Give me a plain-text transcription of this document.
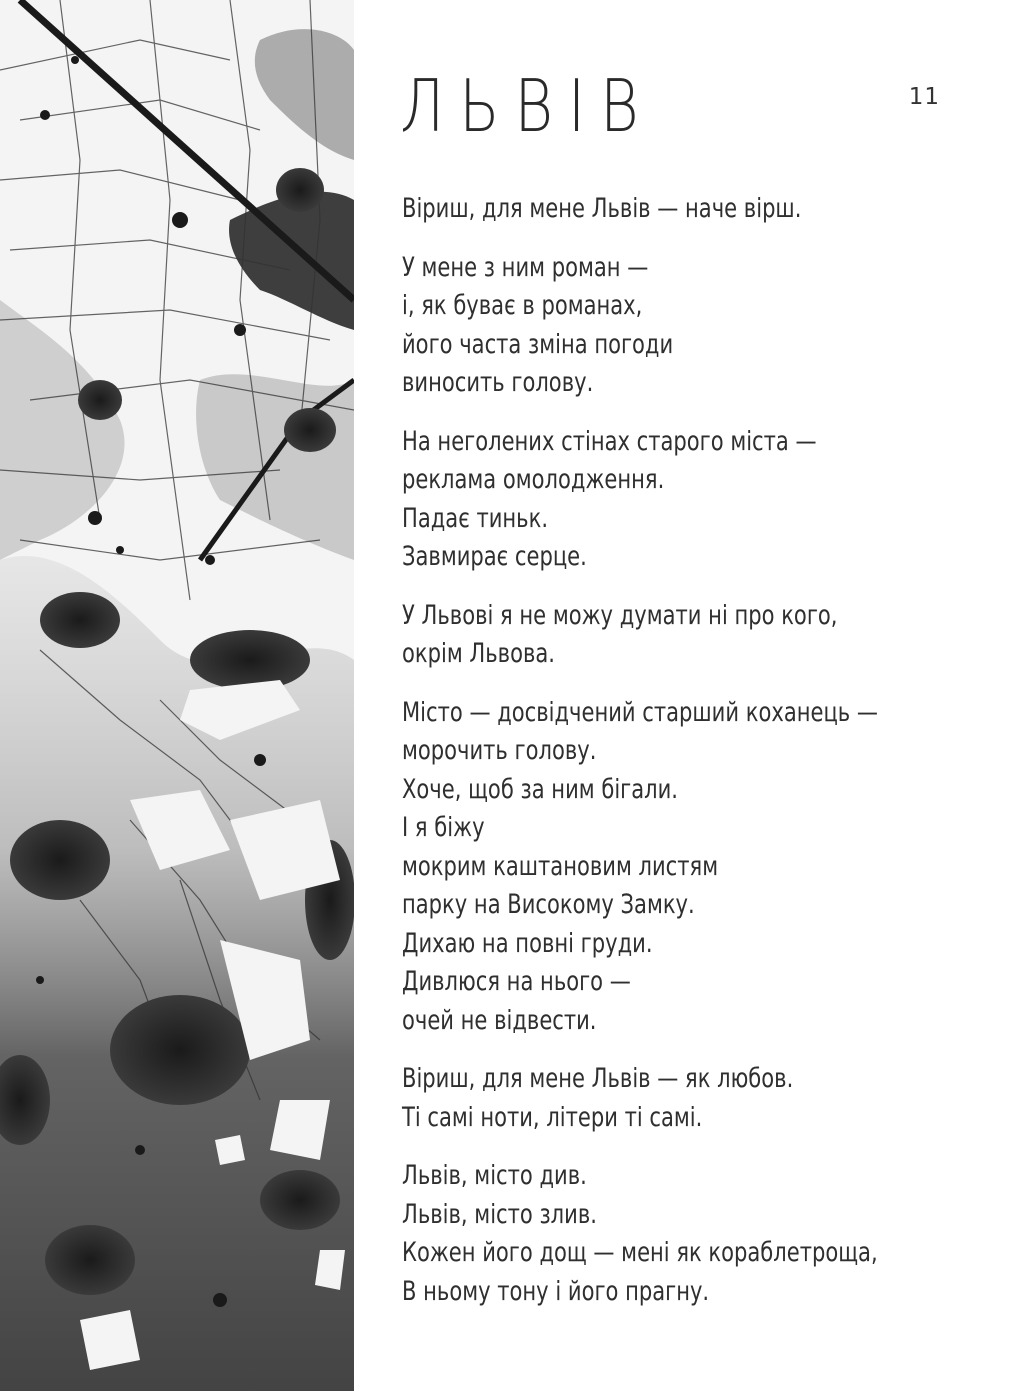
11
ЛЬВІВ
Віриш, для мене Львів — наче вірш.
У мене з ним роман —
і, як буває в романах,
його часта зміна погоди
виносить голову.
На неголених стінах старого міста —
реклама омолодження.
Падає тиньк.
Завмирає серце.
У Львові я не можу думати ні про кого,
окрім Львова.
Місто — досвідчений старший коханець —
морочить голову.
Хоче, щоб за ним бігали.
І я біжу
мокрим каштановим листям
парку на Високому Замку.
Дихаю на повні груди.
Дивлюся на нього —
очей не відвести.
Віриш, для мене Львів — як любов.
Ті самі ноти, літери ті самі.
Львів, місто див.
Львів, місто злив.
Кожен його дощ — мені як кораблетроща,
В ньому тону і його прагну.
